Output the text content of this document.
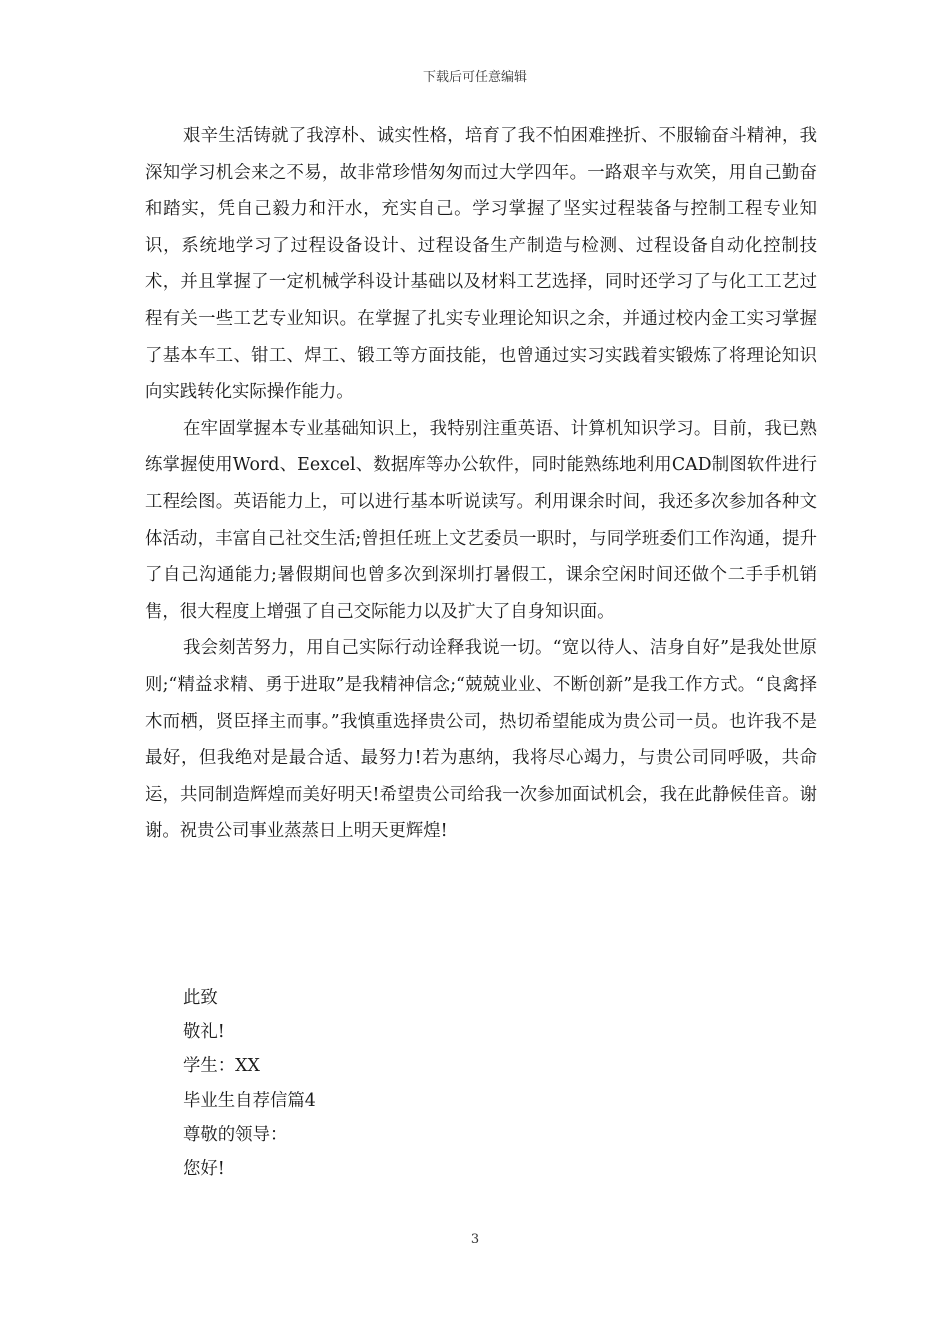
下载后可任意编辑

艰辛生活铸就了我淳朴、诚实性格，培育了我不怕困难挫折、不服输奋斗精神，我深知学习机会来之不易，故非常珍惜匆匆而过大学四年。一路艰辛与欢笑，用自己勤奋和踏实，凭自己毅力和汗水，充实自己。学习掌握了坚实过程装备与控制工程专业知识，系统地学习了过程设备设计、过程设备生产制造与检测、过程设备自动化控制技术，并且掌握了一定机械学科设计基础以及材料工艺选择，同时还学习了与化工工艺过程有关一些工艺专业知识。在掌握了扎实专业理论知识之余，并通过校内金工实习掌握了基本车工、钳工、焊工、锻工等方面技能，也曾通过实习实践着实锻炼了将理论知识向实践转化实际操作能力。

在牢固掌握本专业基础知识上，我特别注重英语、计算机知识学习。目前，我已熟练掌握使用Word、Eexcel、数据库等办公软件，同时能熟练地利用CAD制图软件进行工程绘图。英语能力上，可以进行基本听说读写。利用课余时间，我还多次参加各种文体活动，丰富自己社交生活;曾担任班上文艺委员一职时，与同学班委们工作沟通，提升了自己沟通能力;暑假期间也曾多次到深圳打暑假工，课余空闲时间还做个二手手机销售，很大程度上增强了自己交际能力以及扩大了自身知识面。

我会刻苦努力，用自己实际行动诠释我说一切。“宽以待人、洁身自好”是我处世原则;“精益求精、勇于进取”是我精神信念;“兢兢业业、不断创新”是我工作方式。“良禽择木而栖，贤臣择主而事。”我慎重选择贵公司，热切希望能成为贵公司一员。也许我不是最好，但我绝对是最合适、最努力!若为惠纳，我将尽心竭力，与贵公司同呼吸，共命运，共同制造辉煌而美好明天!希望贵公司给我一次参加面试机会，我在此静候佳音。谢谢。祝贵公司事业蒸蒸日上明天更辉煌!

此致
敬礼!
学生：XX
毕业生自荐信篇4
尊敬的领导：
您好!
3
